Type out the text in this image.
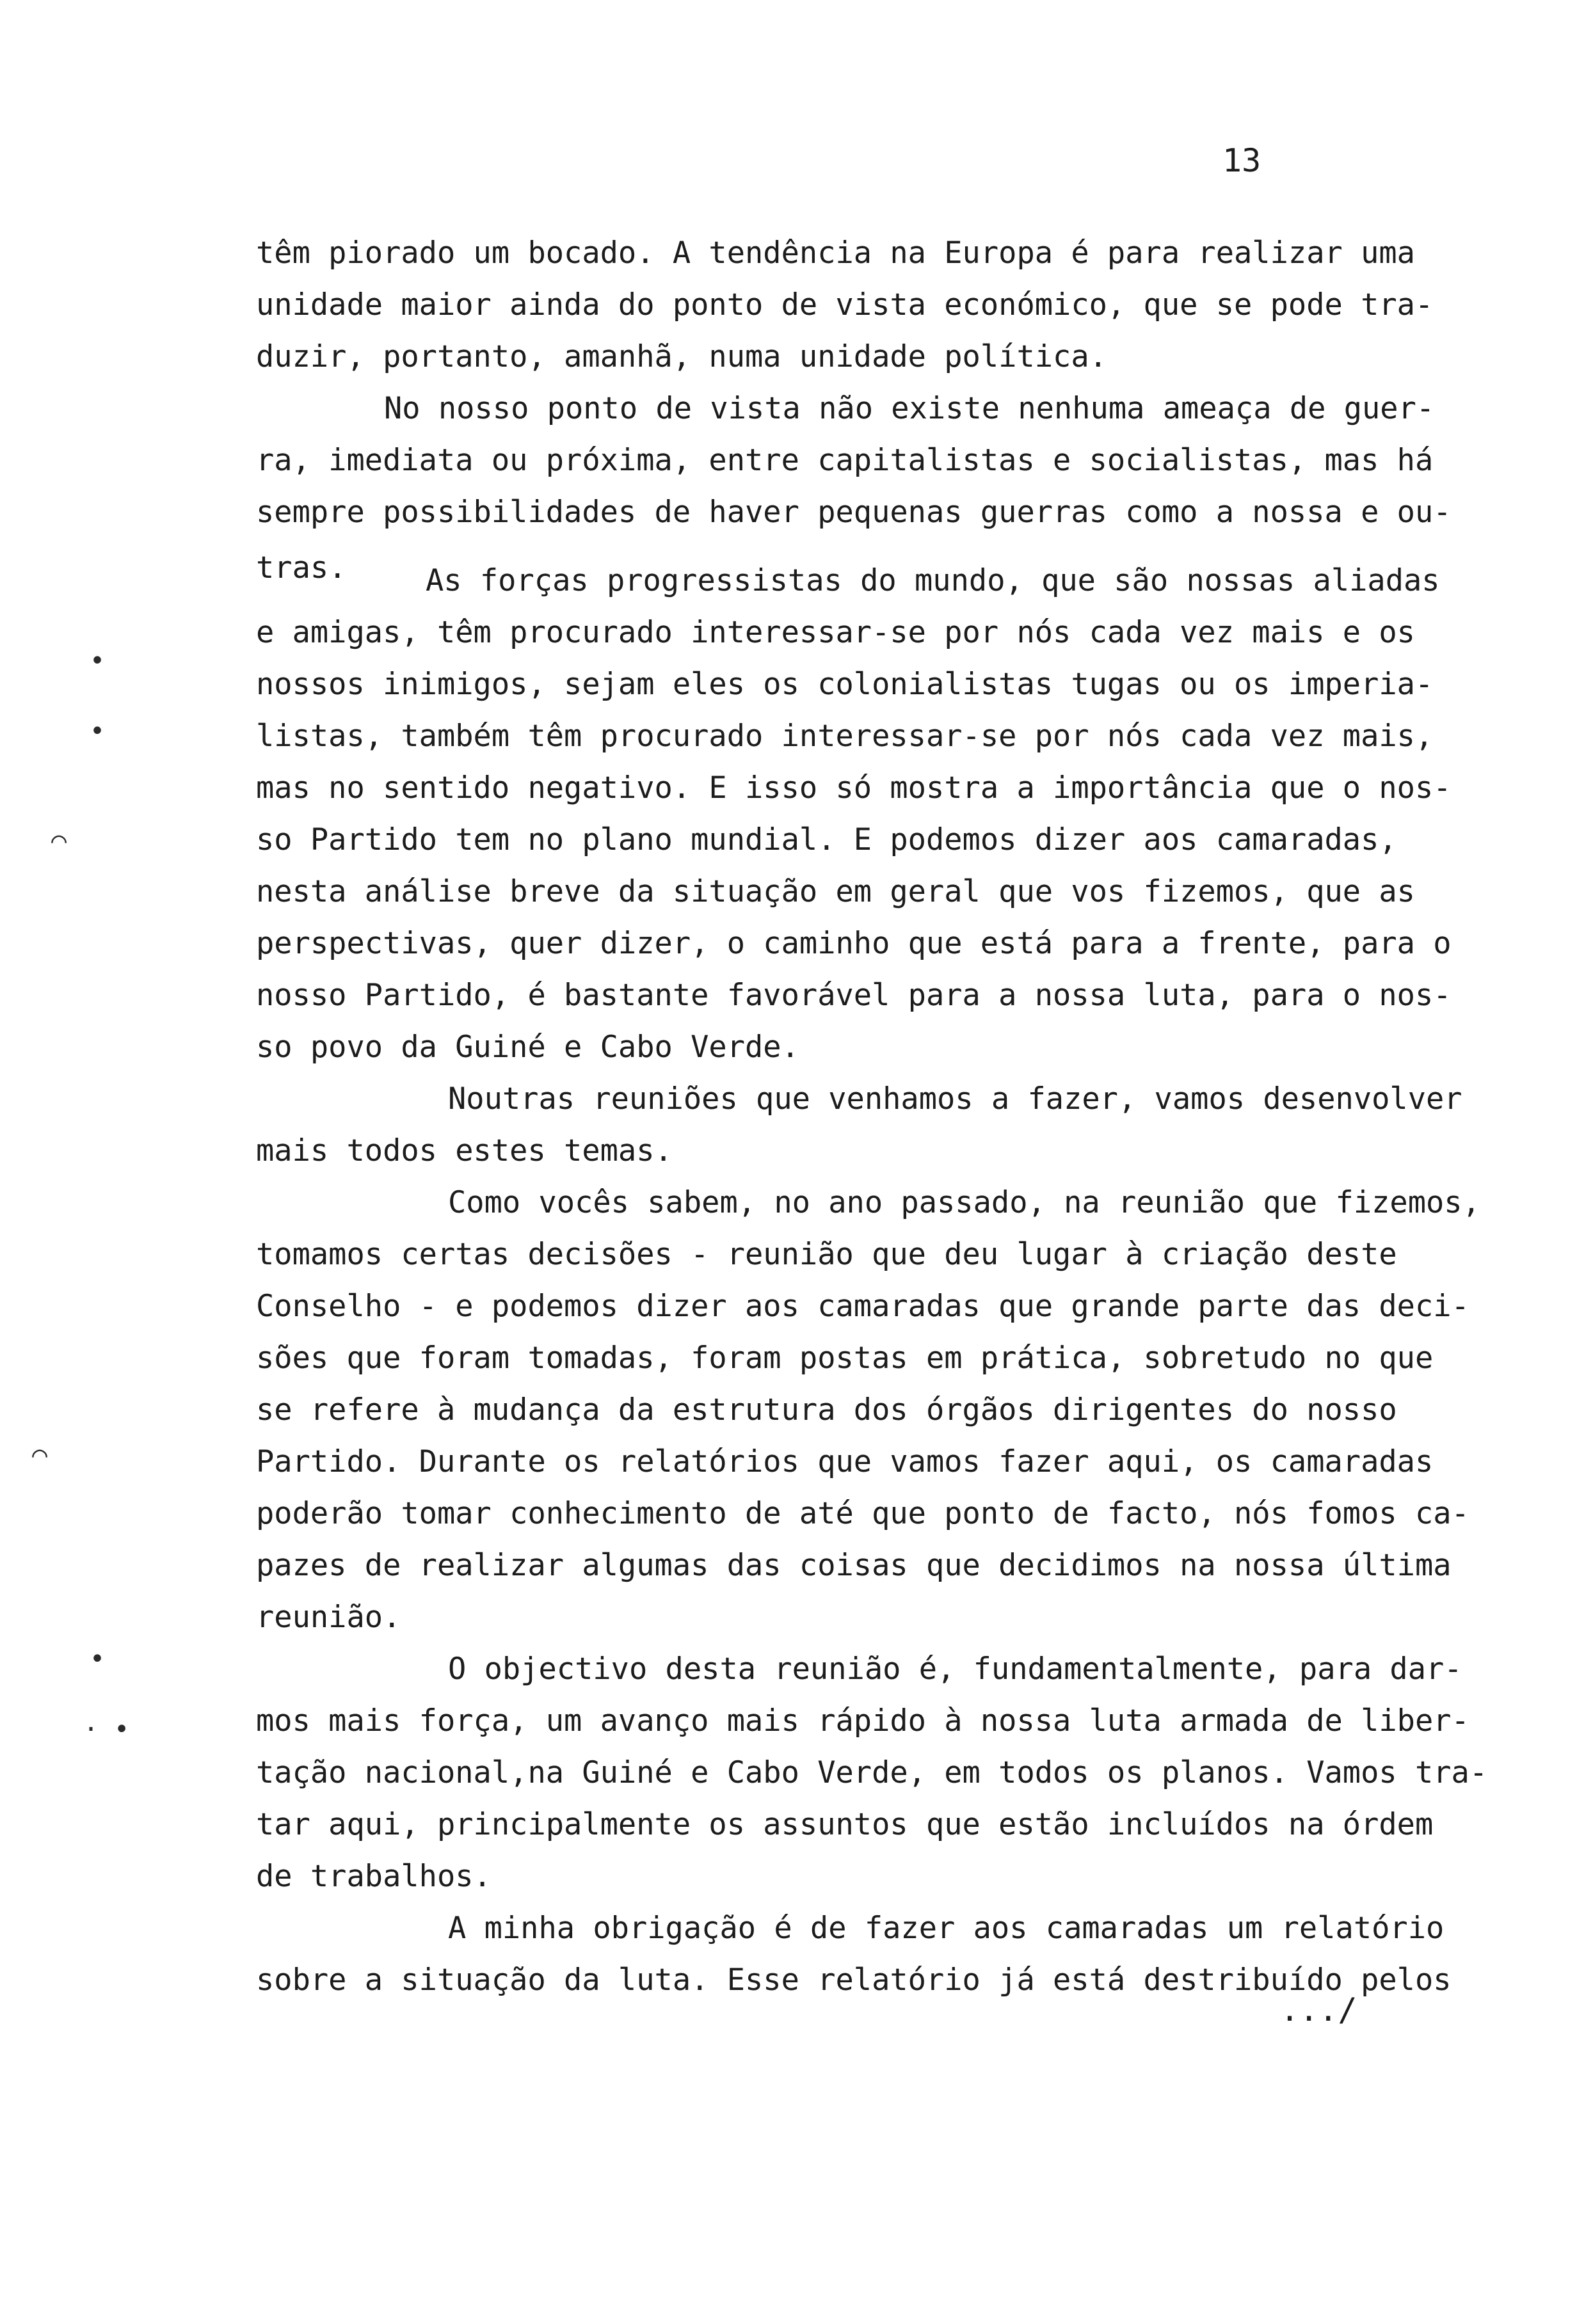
13

têm piorado um bocado. A tendência na Europa é para realizar uma

unidade maior ainda do ponto de vista económico, que se pode tra-

duzir, portanto, amanhã, numa unidade política.

No nosso ponto de vista não existe nenhuma ameaça de guer-

ra, imediata ou próxima, entre capitalistas e socialistas, mas há

sempre possibilidades de haver pequenas guerras como a nossa e ou-

tras.	As forças progressistas do mundo, que são nossas aliadas

e amigas, têm procurado interessar-se por nós cada vez mais e os

nossos inimigos, sejam eles os colonialistas tugas ou os imperia-

listas, também têm procurado interessar-se por nós cada vez mais,

mas no sentido negativo. E isso só mostra a importância que o nos-

so Partido tem no plano mundial. E podemos dizer aos camaradas,

nesta análise breve da situação em geral que vos fizemos, que as

perspectivas, quer dizer, o caminho que está para a frente, para o

nosso Partido, é bastante favorável para a nossa luta, para o nos-

so povo da Guiné e Cabo Verde.

Noutras reuniões que venhamos a fazer, vamos desenvolver

mais todos estes temas.

Como vocês sabem, no ano passado, na reunião que fizemos,

tomamos certas decisões - reunião que deu lugar à criação deste

Conselho - e podemos dizer aos camaradas que grande parte das deci-

sões que foram tomadas, foram postas em prática, sobretudo no que

se refere à mudança da estrutura dos órgãos dirigentes do nosso

Partido. Durante os relatórios que vamos fazer aqui, os camaradas

poderão tomar conhecimento de até que ponto de facto, nós fomos ca-

pazes de realizar algumas das coisas que decidimos na nossa última

reunião.

O objectivo desta reunião é, fundamentalmente, para dar-

mos mais força, um avanço mais rápido à nossa luta armada de liber-

tação nacional,na Guiné e Cabo Verde, em todos os planos. Vamos tra-

tar aqui, principalmente os assuntos que estão incluídos na órdem

de trabalhos.

A minha obrigação é de fazer aos camaradas um relatório

sobre a situação da luta. Esse relatório já está destribuído pelos

.../

•

•

⌒

⌒

•

· •
